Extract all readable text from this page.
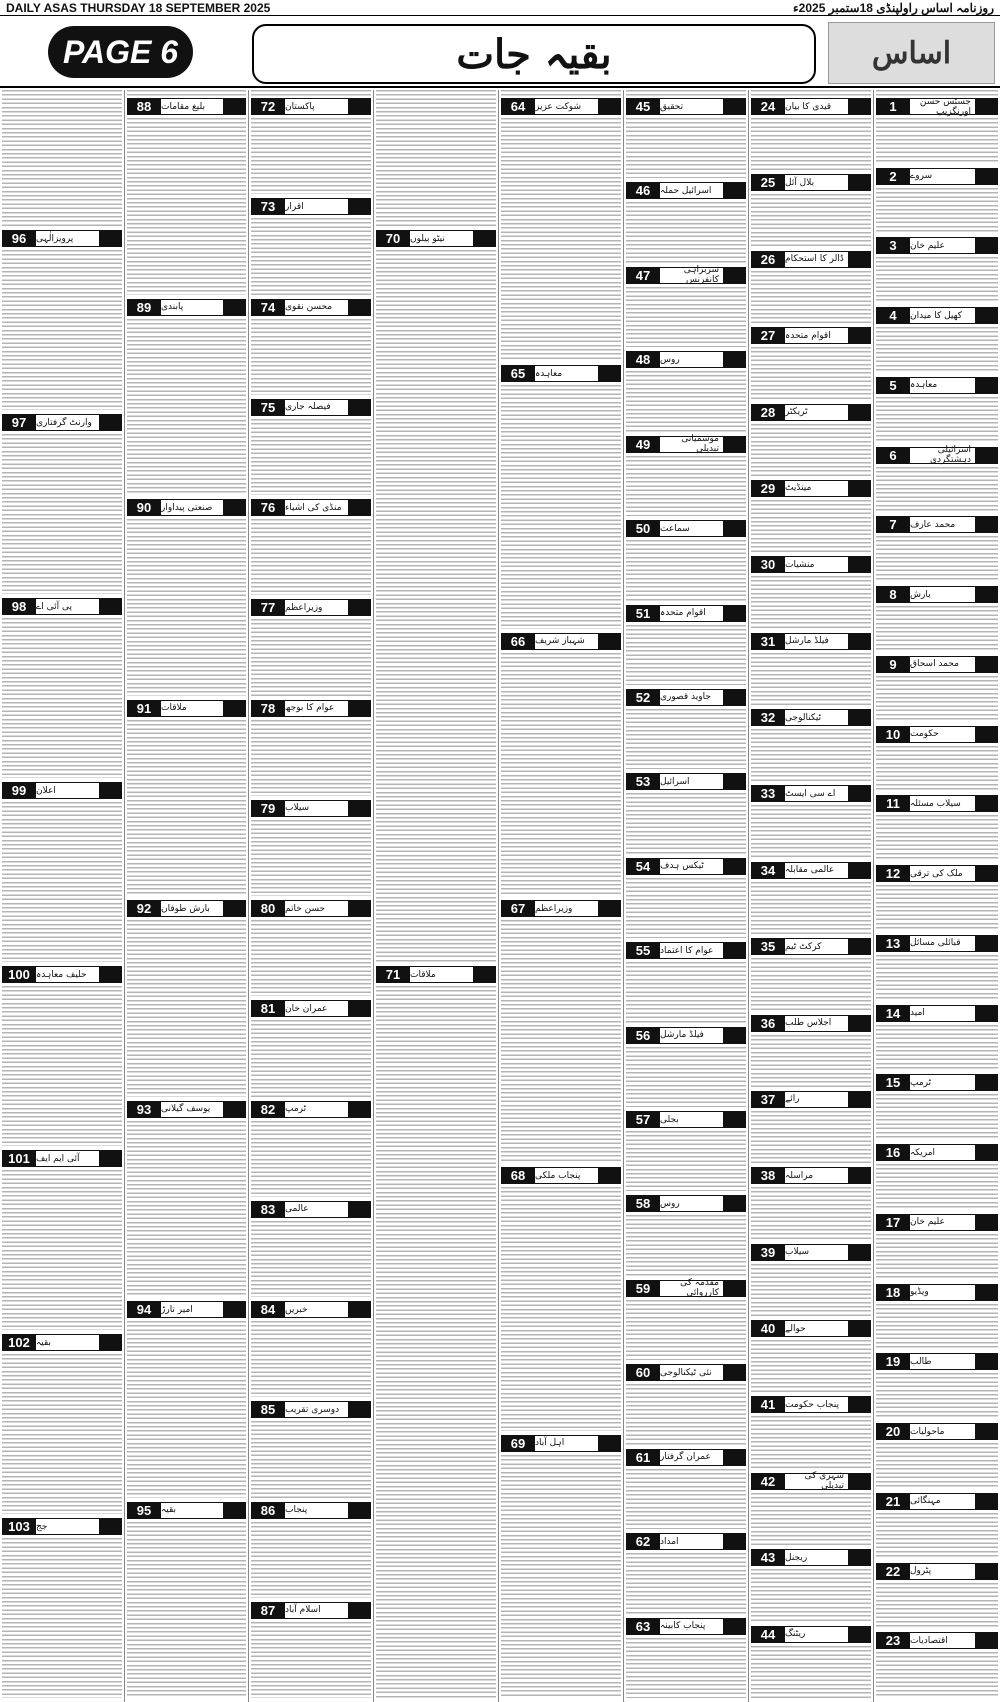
DAILY ASAS THURSDAY 18 SEPTEMBER 2025	روزنامہ اساس راولپنڈی 18ستمبر 2025ء
PAGE 6	بقیہ جات	اساس
96	پرویزالٰہی
97	وارنٹ گرفتاری
98	پی آئی اے
99	اعلان
100 حلیف معاہدہ
101 آئی ایم ایف
102 بقیہ
103 جج
88	بلیغ مقامات
89	پابندی
90	صنعتی پیداوار
91	ملاقات
92	بارش طوفان
93	یوسف گیلانی
94	امیر تارڑ
95	بقیہ
72	پاکستان
73	اقرار
74	محسن نقوی
75	فیصلہ جاری
76	منڈی کی اشیاء
77	وزیراعظم
78	عوام کا بوجھ
79	سیلاب
80	حسن خاتم
81	عمران خان
82	ٹرمپ
83	عالمی
84	خبریں
85	دوسری تقریب
86	پنجاب
87	اسلام آباد
70	نیٹو بیلوں
71	ملاقات
64	شوکت عزیز
65	معاہدہ
66	شہباز شریف
67	وزیراعظم
68	پنجاب ملکی
69	اہل آباد
45	تحقیق
46	اسرائیل حملہ
47	سربراہی کانفرنس
48	روس
49	موسمیاتی تبدیلی
50	سماعت
51	اقوام متحدہ
52	جاوید قصوری
53	اسرائیل
54	ٹیکس ہدف
55	عوام کا اعتماد
56	فیلڈ مارشل
57	بجلی
58	روس
59	مقدمہ کی کارروائی
60	نئی ٹیکنالوجی
61	عمران گرفتار
62	امداد
63	پنجاب کابینہ
24	قیدی کا بیان
25	بلال آئل
26	ڈالر کا استحکام
27	اقوام متحدہ
28	ٹریکٹر
29	مینڈیٹ
30	منشیات
31	فیلڈ مارشل
32	ٹیکنالوجی
33	اے سی ایسٹ
34	عالمی مقابلہ
35	کرکٹ ٹیم
36	اجلاس طلب
37	رائے
38	مراسلہ
39	سیلاب
40	حوالے
41	پنجاب حکومت
42	شہری کی تبدیلی
43	ریجنل
44	ریٹنگ
1	جسٹس حسن اورنگزیب
2	سروے
3	علیم خان
4	کھیل کا میدان
5	معاہدہ
6	اسرائیلی دہشتگردی
7	محمد عارف
8	بارش
9	محمد اسحاق
10	حکومت
11	سیلاب مسئلہ
12	ملک کی ترقی
13	قبائلی مسائل
14	امید
15	ٹرمپ
16	امریکہ
17	علیم خان
18	ویڈیو
19	طالب
20	ماحولیات
21	مہنگائی
22	پٹرول
23	اقتصادیات
